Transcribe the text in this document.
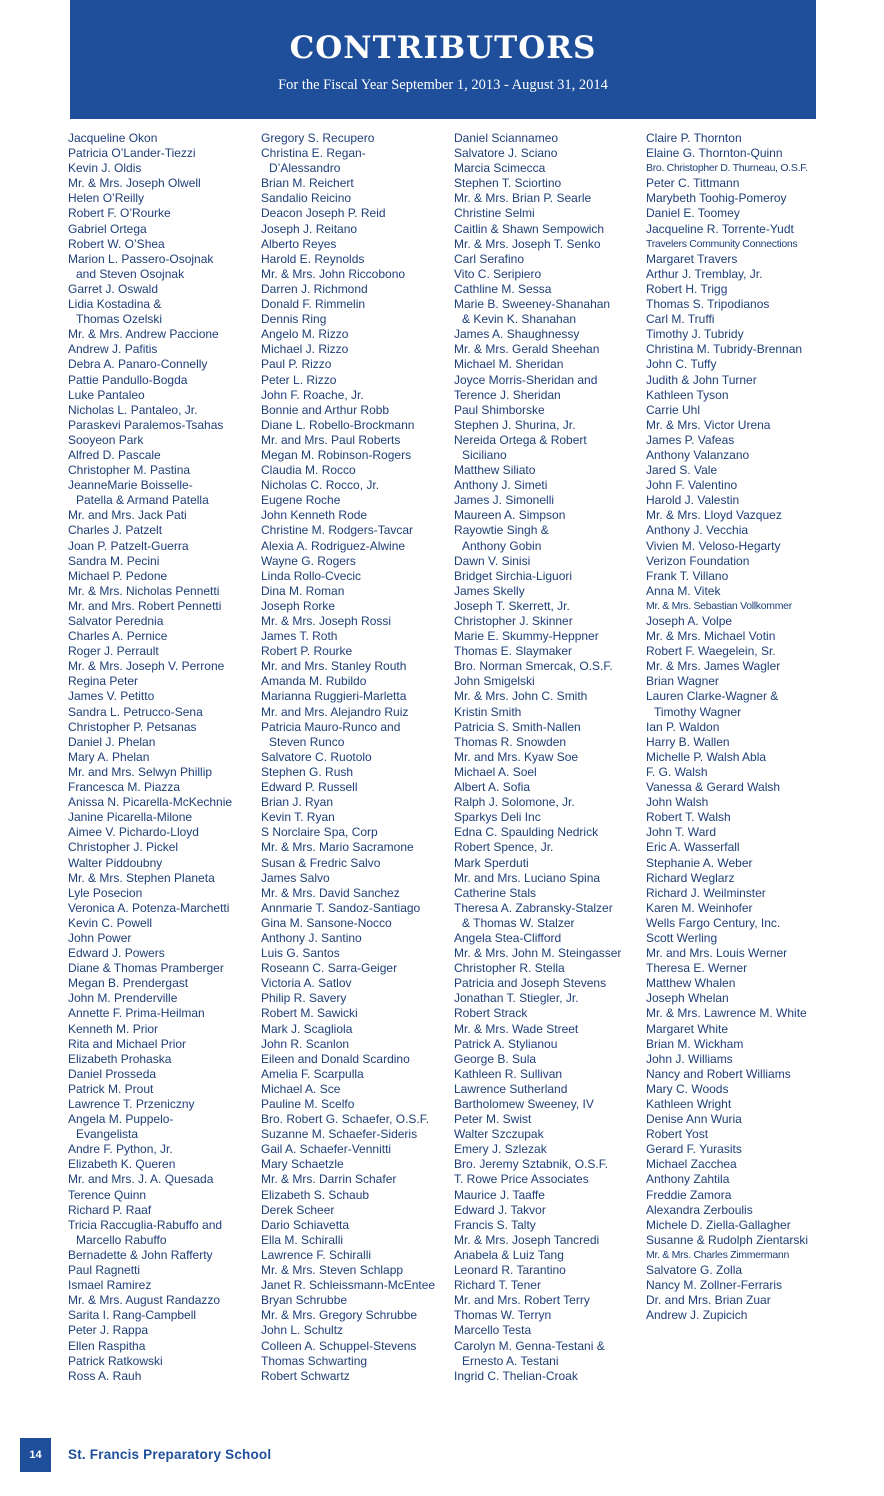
CONTRIBUTORS
For the Fiscal Year September 1, 2013 - August 31, 2014
Jacqueline Okon
Patricia O’Lander-Tiezzi
Kevin J. Oldis
Mr. & Mrs. Joseph Olwell
Helen O’Reilly
Robert F. O’Rourke
Gabriel Ortega
Robert W. O’Shea
Marion L. Passero-Osojnak
and Steven Osojnak
Garret J. Oswald
Lidia Kostadina &
Thomas Ozelski
Mr. & Mrs. Andrew Paccione
Andrew J. Pafitis
Debra A. Panaro-Connelly
Pattie Pandullo-Bogda
Luke Pantaleo
Nicholas L. Pantaleo, Jr.
Paraskevi Paralemos-Tsahas
Sooyeon Park
Alfred D. Pascale
Christopher M. Pastina
JeanneMarie Boisselle-
Patella & Armand Patella
Mr. and Mrs. Jack Pati
Charles J. Patzelt
Joan P. Patzelt-Guerra
Sandra M. Pecini
Michael P. Pedone
Mr. & Mrs. Nicholas Pennetti
Mr. and Mrs. Robert Pennetti
Salvator Perednia
Charles A. Pernice
Roger J. Perrault
Mr. & Mrs. Joseph V. Perrone
Regina Peter
James V. Petitto
Sandra L. Petrucco-Sena
Christopher P. Petsanas
Daniel J. Phelan
Mary A. Phelan
Mr. and Mrs. Selwyn Phillip
Francesca M. Piazza
Anissa N. Picarella-McKechnie
Janine Picarella-Milone
Aimee V. Pichardo-Lloyd
Christopher J. Pickel
Walter Piddoubny
Mr. & Mrs. Stephen Planeta
Lyle Posecion
Veronica A. Potenza-Marchetti
Kevin C. Powell
John Power
Edward J. Powers
Diane & Thomas Pramberger
Megan B. Prendergast
John M. Prenderville
Annette F. Prima-Heilman
Kenneth M. Prior
Rita and Michael Prior
Elizabeth Prohaska
Daniel Prosseda
Patrick M. Prout
Lawrence T. Przeniczny
Angela M. Puppelo-
Evangelista
Andre F. Python, Jr.
Elizabeth K. Queren
Mr. and Mrs. J. A. Quesada
Terence Quinn
Richard P. Raaf
Tricia Raccuglia-Rabuffo and
Marcello Rabuffo
Bernadette & John Rafferty
Paul Ragnetti
Ismael Ramirez
Mr. & Mrs. August Randazzo
Sarita I. Rang-Campbell
Peter J. Rappa
Ellen Raspitha
Patrick Ratkowski
Ross A. Rauh
Gregory S. Recupero
Christina E. Regan-
D’Alessandro
Brian M. Reichert
Sandalio Reicino
Deacon Joseph P. Reid
Joseph J. Reitano
Alberto Reyes
Harold E. Reynolds
Mr. & Mrs. John Riccobono
Darren J. Richmond
Donald F. Rimmelin
Dennis Ring
Angelo M. Rizzo
Michael J. Rizzo
Paul P. Rizzo
Peter L. Rizzo
John F. Roache, Jr.
Bonnie and Arthur Robb
Diane L. Robello-Brockmann
Mr. and Mrs. Paul Roberts
Megan M. Robinson-Rogers
Claudia M. Rocco
Nicholas C. Rocco, Jr.
Eugene Roche
John Kenneth Rode
Christine M. Rodgers-Tavcar
Alexia A. Rodriguez-Alwine
Wayne G. Rogers
Linda Rollo-Cvecic
Dina M. Roman
Joseph Rorke
Mr. & Mrs. Joseph Rossi
James T. Roth
Robert P. Rourke
Mr. and Mrs. Stanley Routh
Amanda M. Rubildo
Marianna Ruggieri-Marletta
Mr. and Mrs. Alejandro Ruiz
Patricia Mauro-Runco and
Steven Runco
Salvatore C. Ruotolo
Stephen G. Rush
Edward P. Russell
Brian J. Ryan
Kevin T. Ryan
S Norclaire Spa, Corp
Mr. & Mrs. Mario Sacramone
Susan & Fredric Salvo
James Salvo
Mr. & Mrs. David Sanchez
Annmarie T. Sandoz-Santiago
Gina M. Sansone-Nocco
Anthony J. Santino
Luis G. Santos
Roseann C. Sarra-Geiger
Victoria A. Satlov
Philip R. Savery
Robert M. Sawicki
Mark J. Scagliola
John R. Scanlon
Eileen and Donald Scardino
Amelia F. Scarpulla
Michael A. Sce
Pauline M. Scelfo
Bro. Robert G. Schaefer, O.S.F.
Suzanne M. Schaefer-Sideris
Gail A. Schaefer-Vennitti
Mary Schaetzle
Mr. & Mrs. Darrin Schafer
Elizabeth S. Schaub
Derek Scheer
Dario Schiavetta
Ella M. Schiralli
Lawrence F. Schiralli
Mr. & Mrs. Steven Schlapp
Janet R. Schleissmann-McEntee
Bryan Schrubbe
Mr. & Mrs. Gregory Schrubbe
John L. Schultz
Colleen A. Schuppel-Stevens
Thomas Schwarting
Robert Schwartz
Daniel Sciannameo
Salvatore J. Sciano
Marcia Scimecca
Stephen T. Sciortino
Mr. & Mrs. Brian P. Searle
Christine Selmi
Caitlin & Shawn Sempowich
Mr. & Mrs. Joseph T. Senko
Carl Serafino
Vito C. Seripiero
Cathline M. Sessa
Marie B. Sweeney-Shanahan
& Kevin K. Shanahan
James A. Shaughnessy
Mr. & Mrs. Gerald Sheehan
Michael M. Sheridan
Joyce Morris-Sheridan and
Terence J. Sheridan
Paul Shimborske
Stephen J. Shurina, Jr.
Nereida Ortega & Robert
Siciliano
Matthew Siliato
Anthony J. Simeti
James J. Simonelli
Maureen A. Simpson
Rayowtie Singh &
Anthony Gobin
Dawn V. Sinisi
Bridget Sirchia-Liguori
James Skelly
Joseph T. Skerrett, Jr.
Christopher J. Skinner
Marie E. Skummy-Heppner
Thomas E. Slaymaker
Bro. Norman Smercak, O.S.F.
John Smigelski
Mr. & Mrs. John C. Smith
Kristin Smith
Patricia S. Smith-Nallen
Thomas R. Snowden
Mr. and Mrs. Kyaw Soe
Michael A. Soel
Albert A. Sofia
Ralph J. Solomone, Jr.
Sparkys Deli Inc
Edna C. Spaulding Nedrick
Robert Spence, Jr.
Mark Sperduti
Mr. and Mrs. Luciano Spina
Catherine Stals
Theresa A. Zabransky-Stalzer
& Thomas W. Stalzer
Angela Stea-Clifford
Mr. & Mrs. John M. Steingasser
Christopher R. Stella
Patricia and Joseph Stevens
Jonathan T. Stiegler, Jr.
Robert Strack
Mr. & Mrs. Wade Street
Patrick A. Stylianou
George B. Sula
Kathleen R. Sullivan
Lawrence Sutherland
Bartholomew Sweeney, IV
Peter M. Swist
Walter Szczupak
Emery J. Szlezak
Bro. Jeremy Sztabnik, O.S.F.
T. Rowe Price Associates
Maurice J. Taaffe
Edward J. Takvor
Francis S. Talty
Mr. & Mrs. Joseph Tancredi
Anabela & Luiz Tang
Leonard R. Tarantino
Richard T. Tener
Mr. and Mrs. Robert Terry
Thomas W. Terryn
Marcello Testa
Carolyn M. Genna-Testani &
Ernesto A. Testani
Ingrid C. Thelian-Croak
Claire P. Thornton
Elaine G. Thornton-Quinn
Bro. Christopher D. Thurneau, O.S.F.
Peter C. Tittmann
Marybeth Toohig-Pomeroy
Daniel E. Toomey
Jacqueline R. Torrente-Yudt
Travelers Community Connections
Margaret Travers
Arthur J. Tremblay, Jr.
Robert H. Trigg
Thomas S. Tripodianos
Carl M. Truffi
Timothy J. Tubridy
Christina M. Tubridy-Brennan
John C. Tuffy
Judith & John Turner
Kathleen Tyson
Carrie Uhl
Mr. & Mrs. Victor Urena
James P. Vafeas
Anthony Valanzano
Jared S. Vale
John F. Valentino
Harold J. Valestin
Mr. & Mrs. Lloyd Vazquez
Anthony J. Vecchia
Vivien M. Veloso-Hegarty
Verizon Foundation
Frank T. Villano
Anna M. Vitek
Mr. & Mrs. Sebastian Vollkommer
Joseph A. Volpe
Mr. & Mrs. Michael Votin
Robert F. Waegelein, Sr.
Mr. & Mrs. James Wagler
Brian Wagner
Lauren Clarke-Wagner &
Timothy Wagner
Ian P. Waldon
Harry B. Wallen
Michelle P. Walsh Abla
F. G. Walsh
Vanessa & Gerard Walsh
John Walsh
Robert T. Walsh
John T. Ward
Eric A. Wasserfall
Stephanie A. Weber
Richard Weglarz
Richard J. Weilminster
Karen M. Weinhofer
Wells Fargo Century, Inc.
Scott Werling
Mr. and Mrs. Louis Werner
Theresa E. Werner
Matthew Whalen
Joseph Whelan
Mr. & Mrs. Lawrence M. White
Margaret White
Brian M. Wickham
John J. Williams
Nancy and Robert Williams
Mary C. Woods
Kathleen Wright
Denise Ann Wuria
Robert Yost
Gerard F. Yurasits
Michael Zacchea
Anthony Zahtila
Freddie Zamora
Alexandra Zerboulis
Michele D. Ziella-Gallagher
Susanne & Rudolph Zientarski
Mr. & Mrs. Charles Zimmermann
Salvatore G. Zolla
Nancy M. Zollner-Ferraris
Dr. and Mrs. Brian Zuar
Andrew J. Zupicich
14	St. Francis Preparatory School
